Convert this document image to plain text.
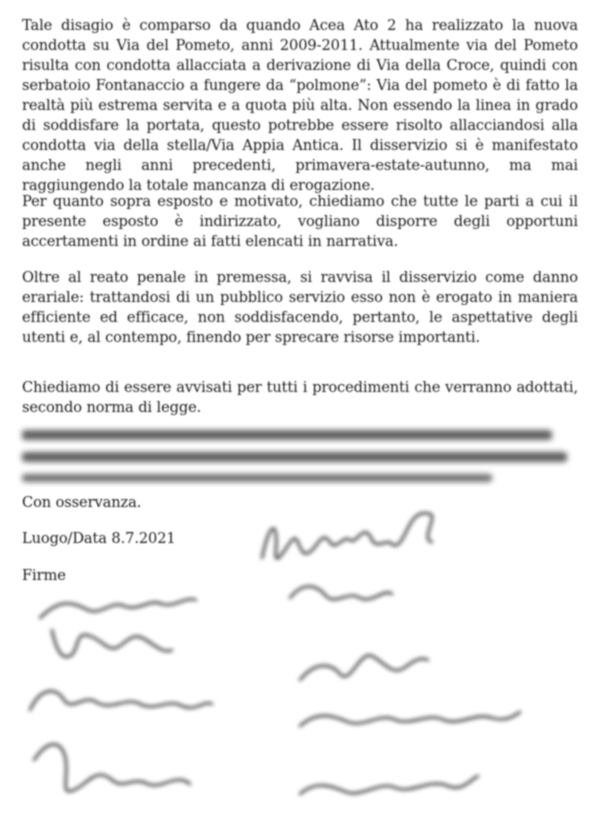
Tale disagio è comparso da quando Acea Ato 2 ha realizzato la nuova condotta su Via del Pometo, anni 2009-2011. Attualmente via del Pometo risulta con condotta allacciata a derivazione di Via della Croce, quindi con serbatoio Fontanaccio a fungere da “polmone”: Via del pometo è di fatto la realtà più estrema servita e a quota più alta. Non essendo la linea in grado di soddisfare la portata, questo potrebbe essere risolto allacciandosi alla condotta via della stella/Via Appia Antica. Il disservizio si è manifestato anche negli anni precedenti, primavera-estate-autunno, ma mai raggiungendo la totale mancanza di erogazione.

Per quanto sopra esposto e motivato, chiediamo che tutte le parti a cui il presente esposto è indirizzato, vogliano disporre degli opportuni accertamenti in ordine ai fatti elencati in narrativa.

Oltre al reato penale in premessa, si ravvisa il disservizio come danno erariale: trattandosi di un pubblico servizio esso non è erogato in maniera efficiente ed efficace, non soddisfacendo, pertanto, le aspettative degli utenti e, al contempo, finendo per sprecare risorse importanti.

Chiediamo di essere avvisati per tutti i procedimenti che verranno adottati, secondo norma di legge.

Con osservanza.

Luogo/Data 8.7.2021

Firme
